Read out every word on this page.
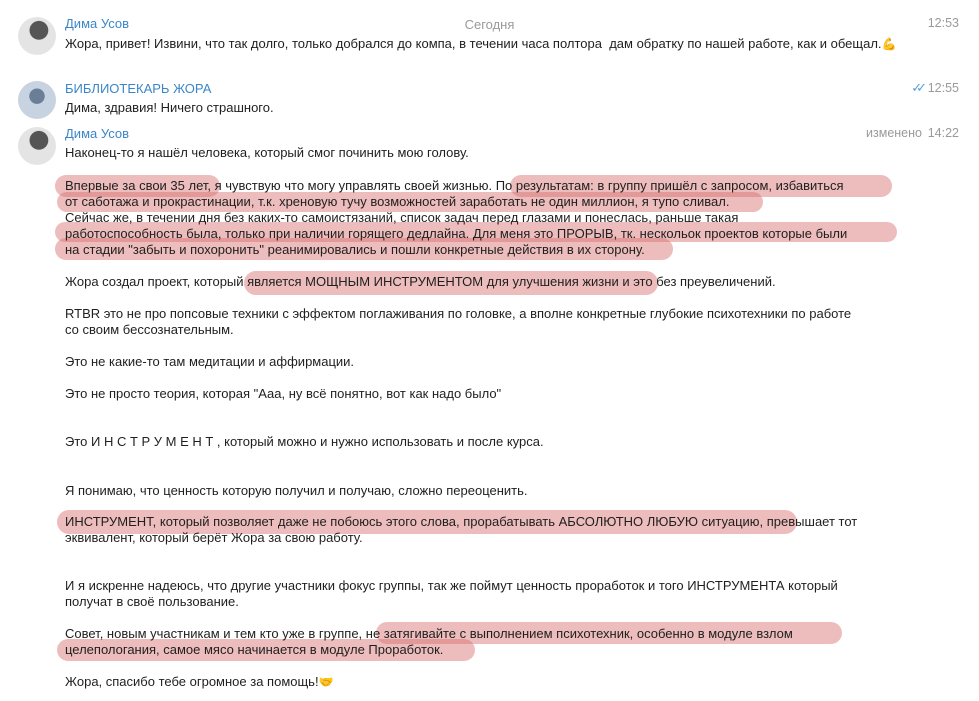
Сегодня
Дима Усов	12:53
Жора, привет! Извини, что так долго, только добрался до компа, в течении часа полтора  дам обратку по нашей работе, как и обещал.💪
БИБЛИОТЕКАРЬ ЖОРА	✓✓ 12:55
Дима, здравия! Ничего страшного.
Дима Усов	изменено 14:22
Наконец-то я нашёл человека, который смог починить мою голову.
Впервые за свои 35 лет, я чувствую что могу управлять своей жизнью. По результатам: в группу пришёл с запросом, избавиться
от саботажа и прокрастинации, т.к. хреновую тучу возможностей заработать не один миллион, я тупо сливал.
Сейчас же, в течении дня без каких-то самоистязаний, список задач перед глазами и понеслась, раньше такая
работоспособность была, только при наличии горящего дедлайна. Для меня это ПРОРЫВ, тк. нескольок проектов которые были
на стадии "забыть и похоронить" реанимировались и пошли конкретные действия в их сторону.
Жора создал проект, который является МОЩНЫМ ИНСТРУМЕНТОМ для улучшения жизни и это без преувеличений.
RTBR это не про попсовые техники с эффектом поглаживания по головке, а вполне конкретные глубокие психотехники по работе
со своим бессознательным.
Это не какие-то там медитации и аффирмации.
Это не просто теория, которая "Ааа, ну всё понятно, вот как надо было"
Это И Н С Т Р У М Е Н Т , который можно и нужно использовать и после курса.
Я понимаю, что ценность которую получил и получаю, сложно переоценить.
ИНСТРУМЕНТ, который позволяет даже не побоюсь этого слова, прорабатывать АБСОЛЮТНО ЛЮБУЮ ситуацию, превышает тот
эквивалент, который берёт Жора за свою работу.
И я искренне надеюсь, что другие участники фокус группы, так же поймут ценность проработок и того ИНСТРУМЕНТА который
получат в своё пользование.
Совет, новым участникам и тем кто уже в группе, не затягивайте с выполнением психотехник, особенно в модуле взлом
целепологания, самое мясо начинается в модуле Проработок.
Жора, спасибо тебе огромное за помощь!🤝
